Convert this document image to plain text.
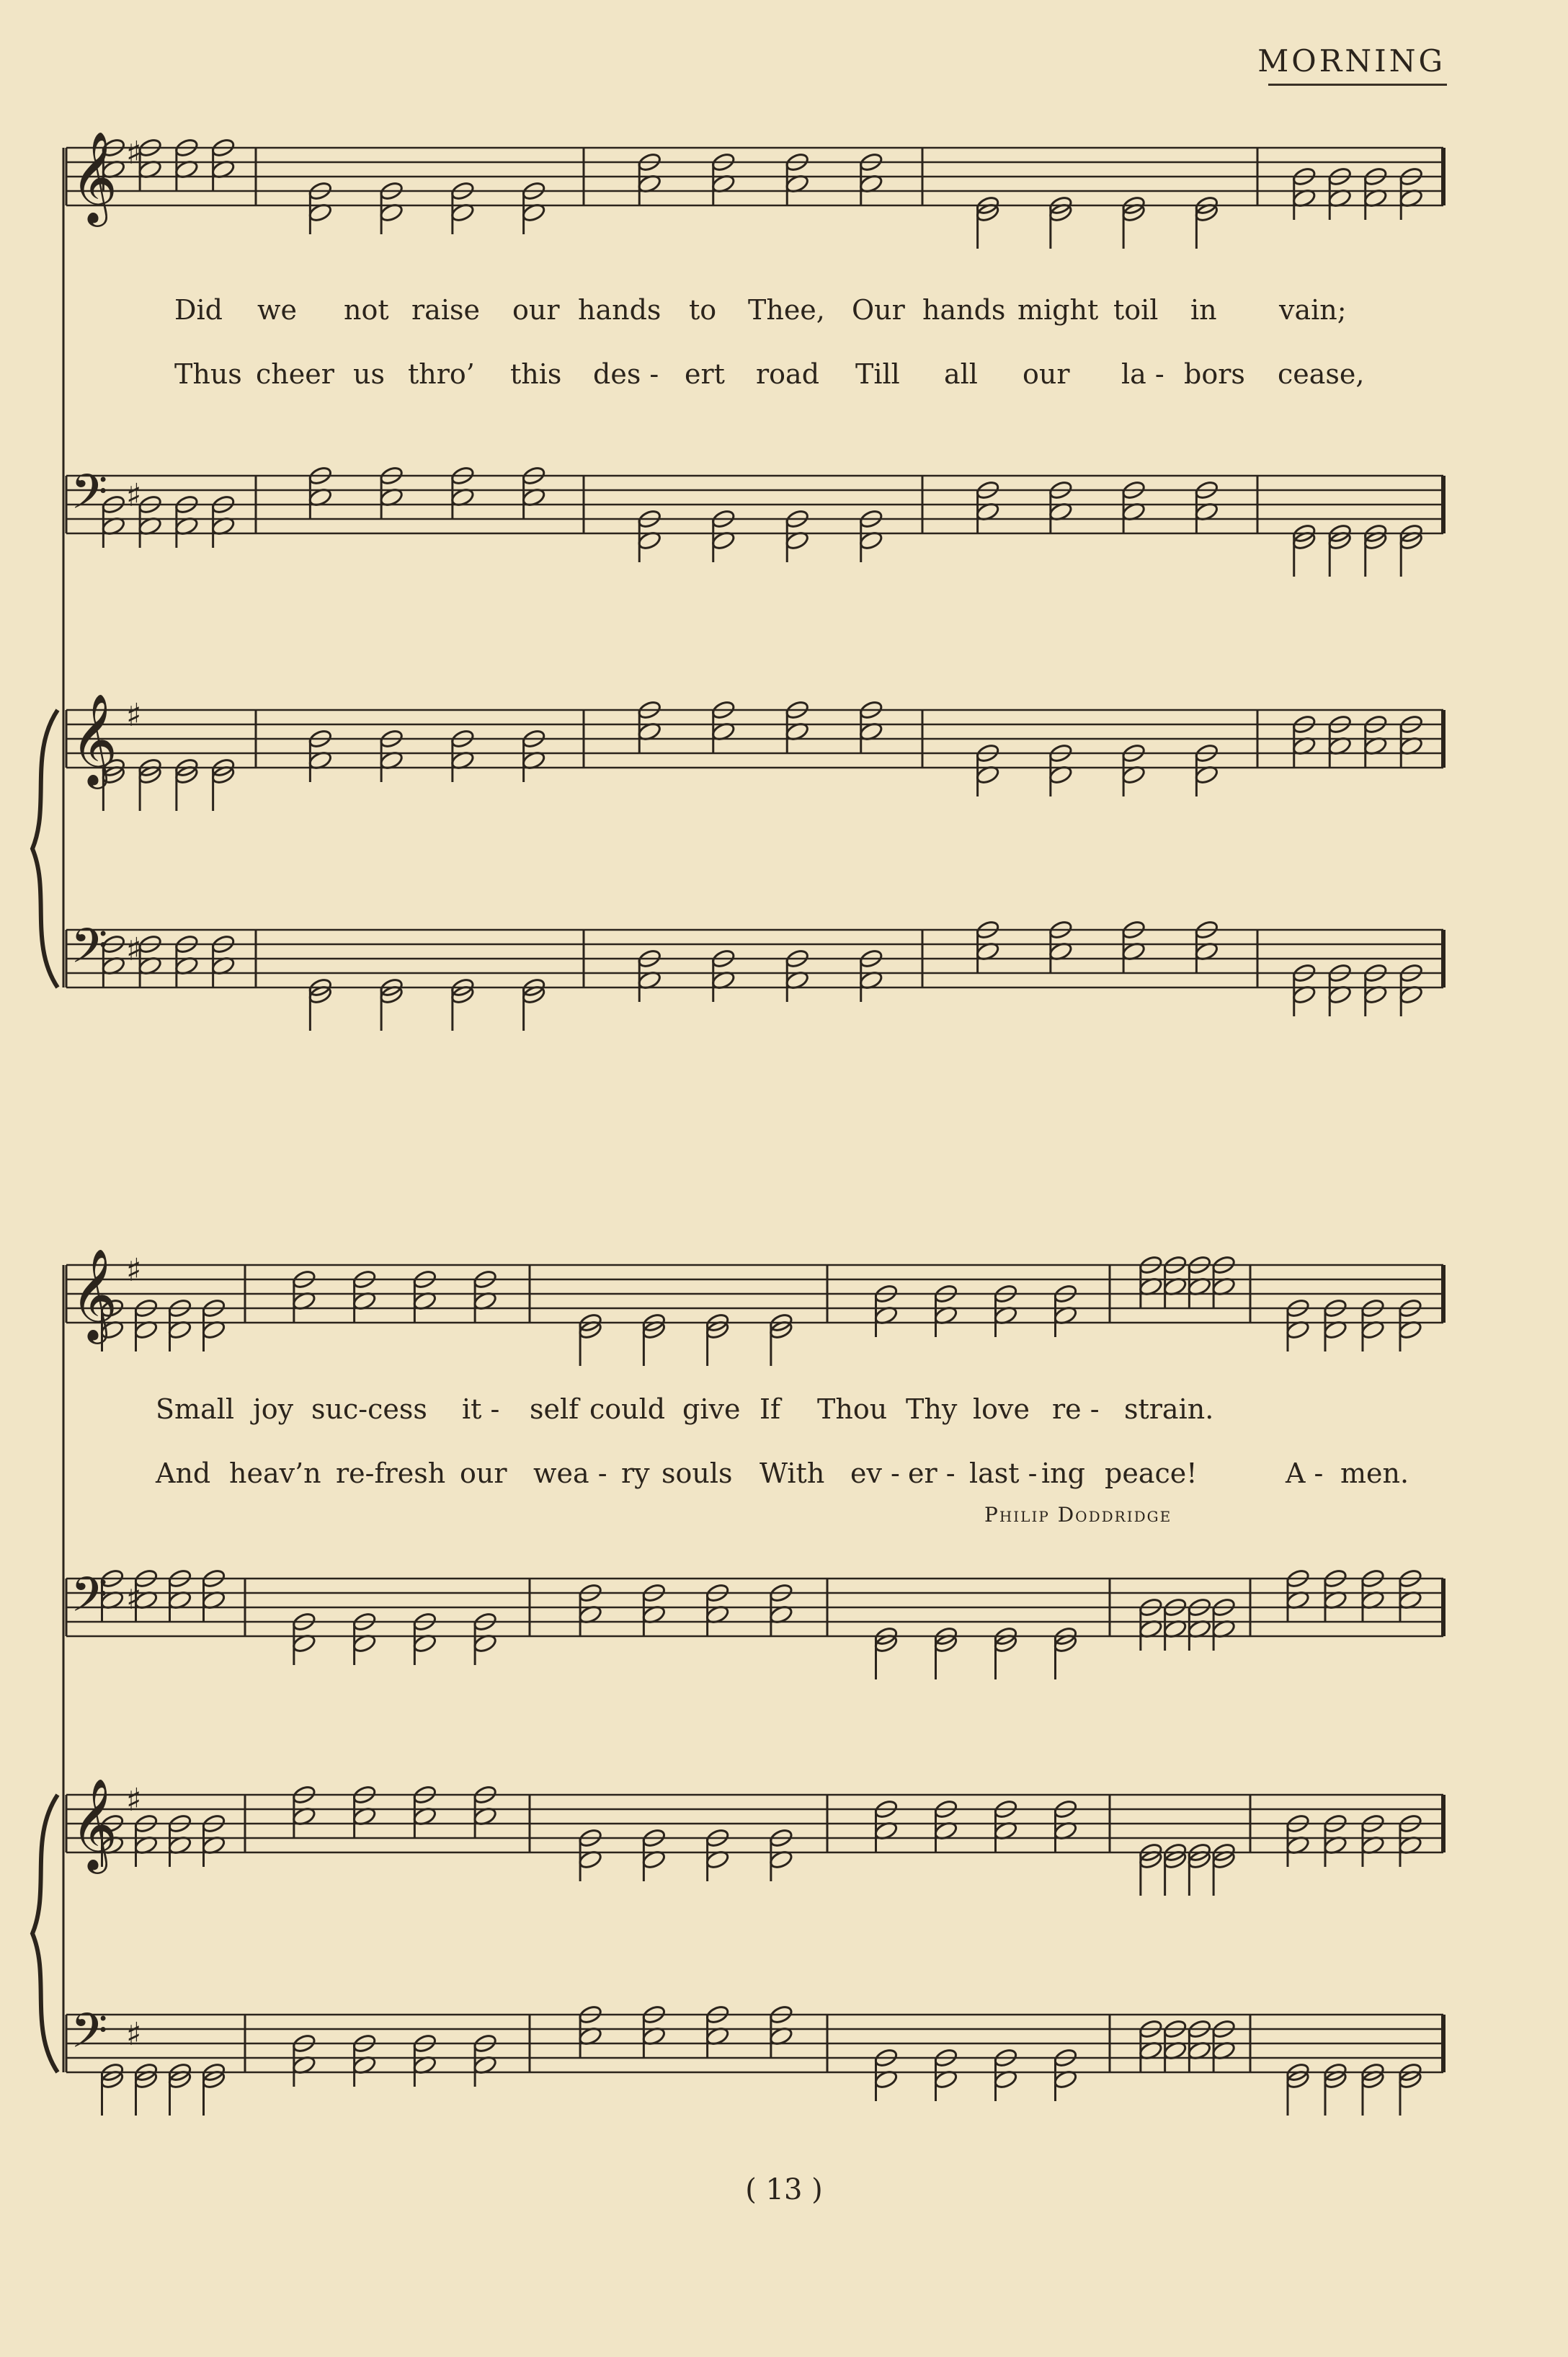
MORNING
𝄞 ♯
𝄢 ♯
𝄞 ♯
𝄢 ♯
𝄞 ♯
𝄢 ♯
𝄞 ♯
𝄢 ♯
Did we not raise our hands to Thee, Our hands might toil in vain;
Thus cheer us thro’ this des - ert road Till all our la - bors cease,
Small joy suc-cess it - self could give If Thou Thy love re - strain.
And heav’n re-fresh our wea - ry souls With ev - er - last - ing peace!	A - men.
Philip Doddridge
( 13 )
